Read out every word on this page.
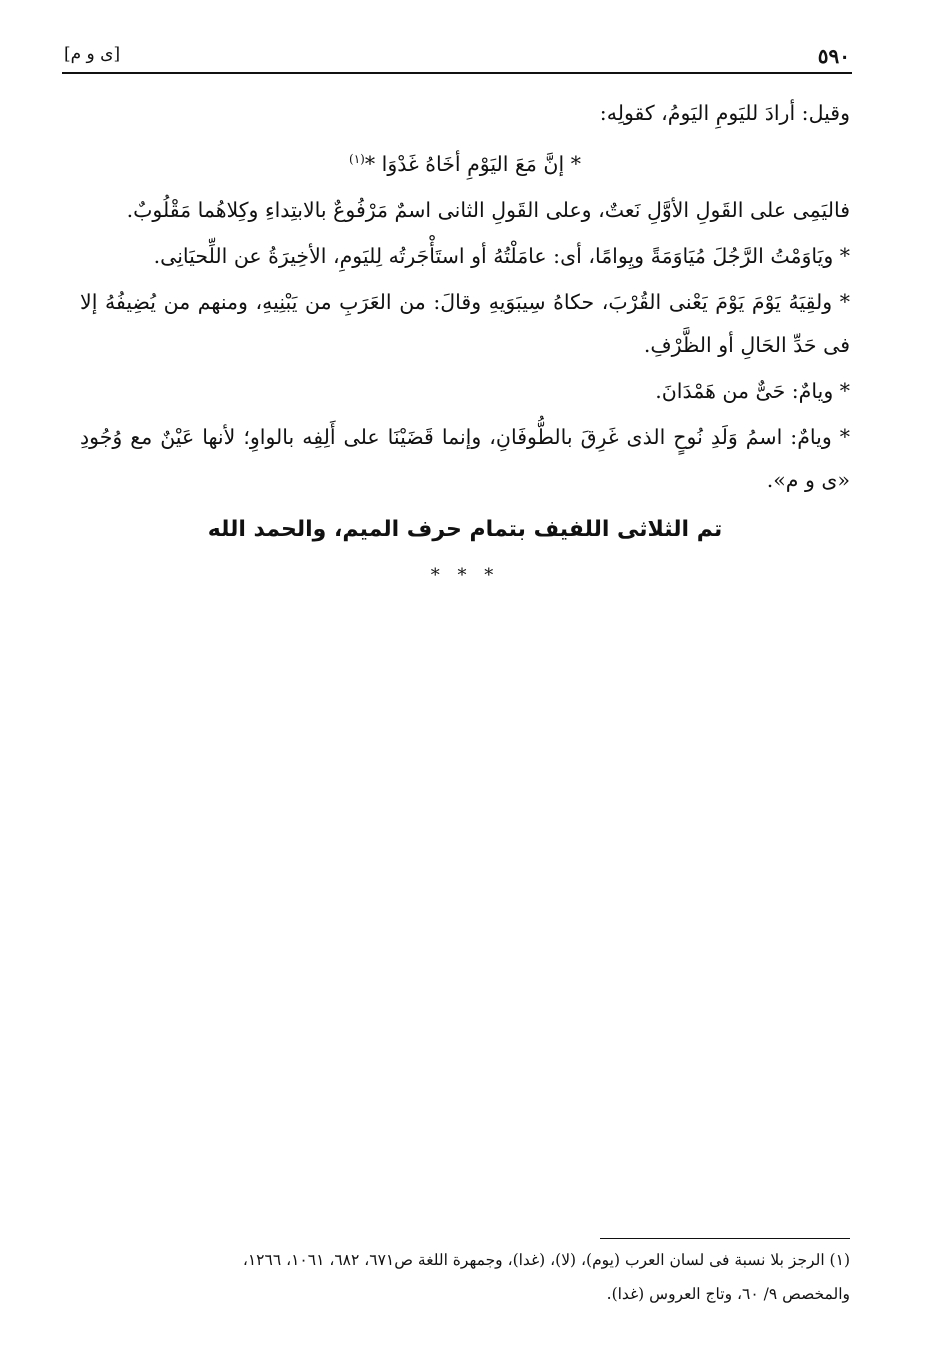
٥٩٠
[ى و م]

وقيل: أرادَ لليَومِ اليَومُ، كقولِه:

* إنَّ مَعَ اليَوْمِ أخَاهُ غَدْوَا *$^{(١)}$

فاليَمِى على القَولِ الأوَّلِ نَعتٌ، وعلى القَولِ الثانى اسمٌ مَرْفُوعٌ بالابتِداءِ وكِلاهُما مَقْلُوبٌ.

* ويَاوَمْتُ الرَّجُلَ مُيَاوَمَةً ويِوامًا، أى: عامَلْتُهُ أو استَأْجَرتُه لِليَومِ، الأخِيرَةُ عن اللِّحيَانِى.

* ولقِيَهُ يَوْمَ يَوْمَ يَعْنى القُرْبَ، حكاهُ سِيبَوَيهِ وقالَ: من العَرَبِ من يَبْنِيهِ، ومنهم من يُضِيفُهُ إلا فى حَدِّ الحَالِ أو الظَّرْفِ.

* ويامٌ: حَىٌّ من هَمْدَانَ.

* ويامٌ: اسمُ وَلَدِ نُوحٍ الذى غَرِقَ بالطُّوفَانِ، وإنما قَضَيْنَا على أَلِفِه بالواوِ؛ لأنها عَيْنٌ مع وُجُودِ «ى و م».

تم الثلاثى اللفيف بتمام حرف الميم، والحمد الله

* * *

(١) الرجز بلا نسبة فى لسان العرب (يوم)، (لا)، (غدا)، وجمهرة اللغة ص٦٧١، ٦٨٢، ١٠٦١، ١٢٦٦،

والمخصص ٩/ ٦٠، وتاج العروس (غدا).
